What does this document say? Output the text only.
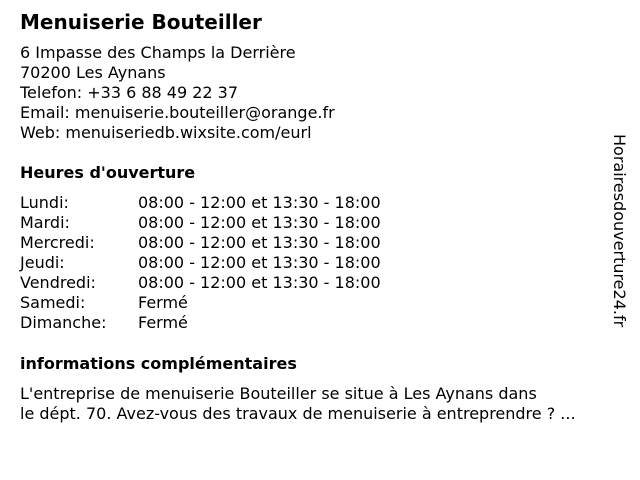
Menuiserie Bouteiller
6 Impasse des Champs la Derrière
70200 Les Aynans
Telefon: +33 6 88 49 22 37
Email: menuiserie.bouteiller@orange.fr
Web: menuiseriedb.wixsite.com/eurl
Heures d'ouverture
Lundi:	08:00 - 12:00 et 13:30 - 18:00
Mardi:	08:00 - 12:00 et 13:30 - 18:00
Mercredi:	08:00 - 12:00 et 13:30 - 18:00
Jeudi:	08:00 - 12:00 et 13:30 - 18:00
Vendredi:	08:00 - 12:00 et 13:30 - 18:00
Samedi:	Fermé
Dimanche: Fermé
informations complémentaires
L'entreprise de menuiserie Bouteiller se situe à Les Aynans dans
le dépt. 70. Avez-vous des travaux de menuiserie à entreprendre ? ...
Horairesdouverture24.fr
